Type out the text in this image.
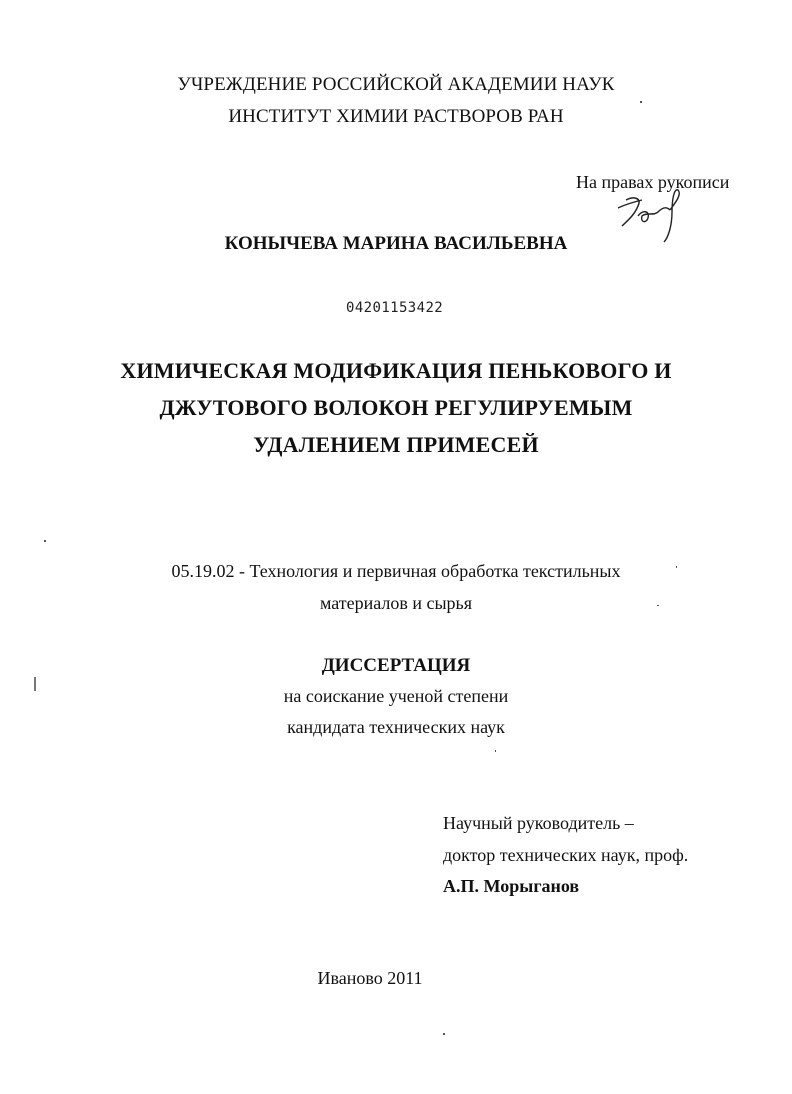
УЧРЕЖДЕНИЕ РОССИЙСКОЙ АКАДЕМИИ НАУК
ИНСТИТУТ ХИМИИ РАСТВОРОВ РАН
На правах рукописи
КОНЫЧЕВА МАРИНА ВАСИЛЬЕВНА
04201153422
ХИМИЧЕСКАЯ МОДИФИКАЦИЯ ПЕНЬКОВОГО И
ДЖУТОВОГО ВОЛОКОН РЕГУЛИРУЕМЫМ
УДАЛЕНИЕМ ПРИМЕСЕЙ
05.19.02 - Технология и первичная обработка текстильных
материалов и сырья
ДИССЕРТАЦИЯ
на соискание ученой степени
кандидата технических наук
Научный руководитель –
доктор технических наук, проф.
А.П. Морыганов
Иваново 2011
